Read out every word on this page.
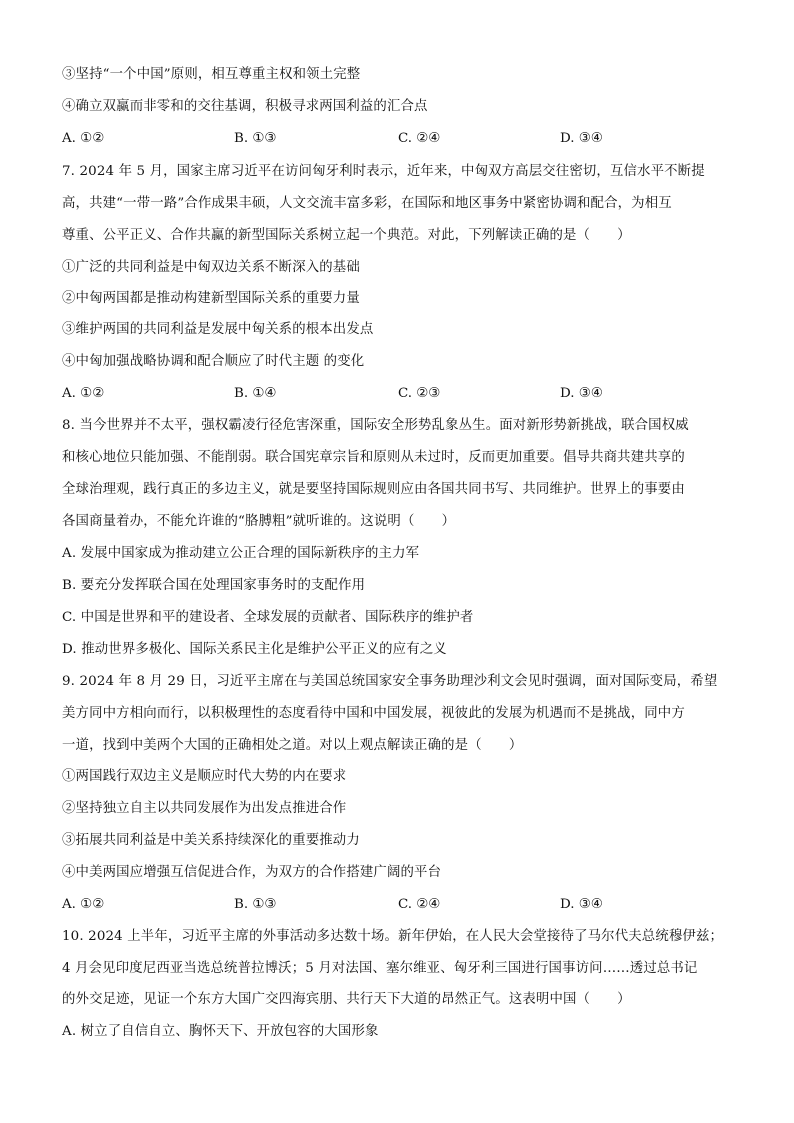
③坚持“一个中国”原则，相互尊重主权和领土完整
④确立双赢而非零和的交往基调，积极寻求两国利益的汇合点
A. ①②	B. ①③	C. ②④	D. ③④
7. 2024 年 5 月，国家主席习近平在访问匈牙利时表示，近年来，中匈双方高层交往密切，互信水平不断提
高，共建“一带一路”合作成果丰硕，人文交流丰富多彩，在国际和地区事务中紧密协调和配合，为相互
尊重、公平正义、合作共赢的新型国际关系树立起一个典范。对此，下列解读正确的是（　　）
①广泛的共同利益是中匈双边关系不断深入的基础
②中匈两国都是推动构建新型国际关系的重要力量
③维护两国的共同利益是发展中匈关系的根本出发点
④中匈加强战略协调和配合顺应了时代主题 的变化
A. ①②	B. ①④	C. ②③	D. ③④
8. 当今世界并不太平，强权霸凌行径危害深重，国际安全形势乱象丛生。面对新形势新挑战，联合国权威
和核心地位只能加强、不能削弱。联合国宪章宗旨和原则从未过时，反而更加重要。倡导共商共建共享的
全球治理观，践行真正的多边主义，就是要坚持国际规则应由各国共同书写、共同维护。世界上的事要由
各国商量着办，不能允许谁的“胳膊粗”就听谁的。这说明（　　）
A. 发展中国家成为推动建立公正合理的国际新秩序的主力军
B. 要充分发挥联合国在处理国家事务时的支配作用
C. 中国是世界和平的建设者、全球发展的贡献者、国际秩序的维护者
D. 推动世界多极化、国际关系民主化是维护公平正义的应有之义
9. 2024 年 8 月 29 日，习近平主席在与美国总统国家安全事务助理沙利文会见时强调，面对国际变局，希望
美方同中方相向而行，以积极理性的态度看待中国和中国发展，视彼此的发展为机遇而不是挑战，同中方
一道，找到中美两个大国的正确相处之道。对以上观点解读正确的是（　　）
①两国践行双边主义是顺应时代大势的内在要求
②坚持独立自主以共同发展作为出发点推进合作
③拓展共同利益是中美关系持续深化的重要推动力
④中美两国应增强互信促进合作，为双方的合作搭建广阔的平台
A. ①②	B. ①③	C. ②④	D. ③④
10. 2024 上半年，习近平主席的外事活动多达数十场。新年伊始，在人民大会堂接待了马尔代夫总统穆伊兹；
4 月会见印度尼西亚当选总统普拉博沃；5 月对法国、塞尔维亚、匈牙利三国进行国事访问……透过总书记
的外交足迹，见证一个东方大国广交四海宾朋、共行天下大道的昂然正气。这表明中国（　　）
A. 树立了自信自立、胸怀天下、开放包容的大国形象
